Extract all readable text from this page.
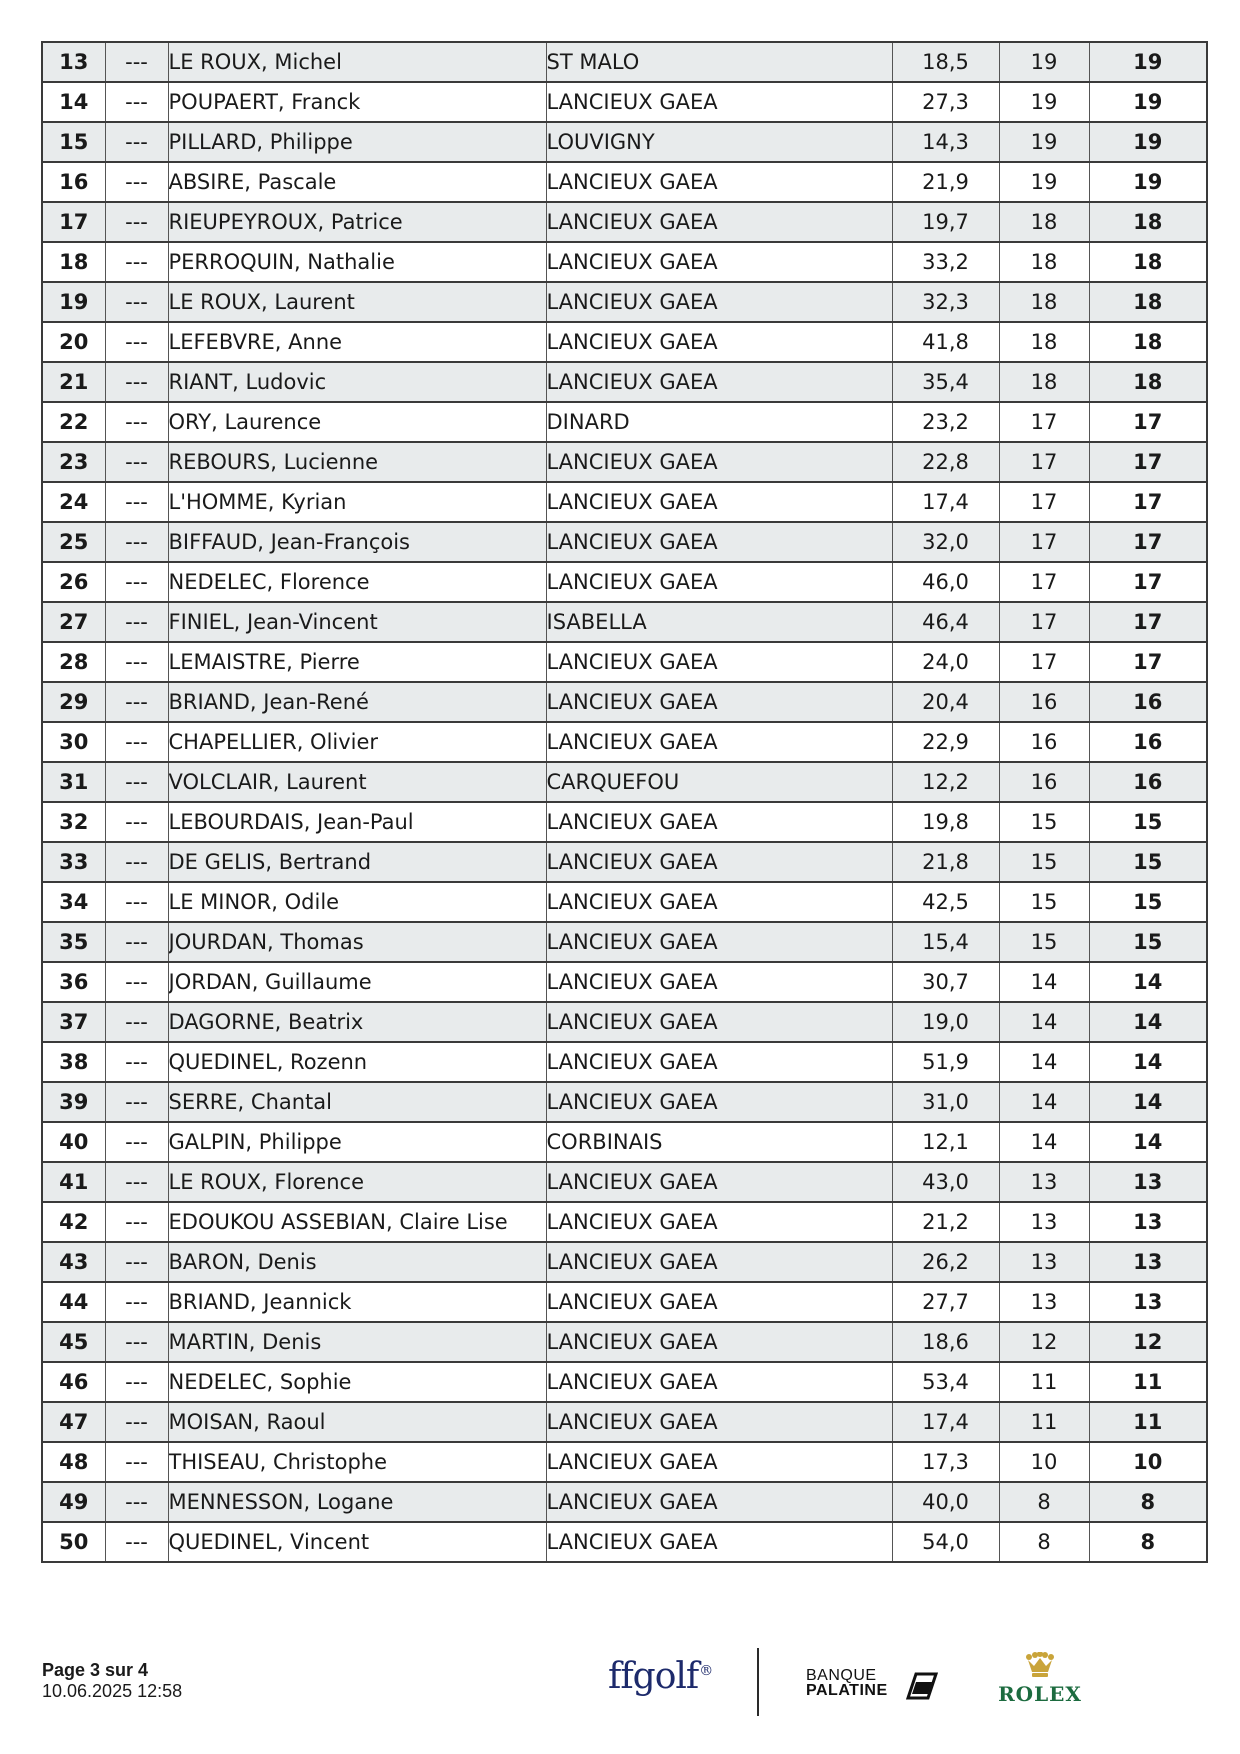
13	---	LE ROUX, Michel	ST MALO	18,5	19	19
14	---	POUPAERT, Franck	LANCIEUX GAEA	27,3	19	19
15	---	PILLARD, Philippe	LOUVIGNY	14,3	19	19
16	---	ABSIRE, Pascale	LANCIEUX GAEA	21,9	19	19
17	---	RIEUPEYROUX, Patrice	LANCIEUX GAEA	19,7	18	18
18	---	PERROQUIN, Nathalie	LANCIEUX GAEA	33,2	18	18
19	---	LE ROUX, Laurent	LANCIEUX GAEA	32,3	18	18
20	---	LEFEBVRE, Anne	LANCIEUX GAEA	41,8	18	18
21	---	RIANT, Ludovic	LANCIEUX GAEA	35,4	18	18
22	---	ORY, Laurence	DINARD	23,2	17	17
23	---	REBOURS, Lucienne	LANCIEUX GAEA	22,8	17	17
24	---	L'HOMME, Kyrian	LANCIEUX GAEA	17,4	17	17
25	---	BIFFAUD, Jean-François	LANCIEUX GAEA	32,0	17	17
26	---	NEDELEC, Florence	LANCIEUX GAEA	46,0	17	17
27	---	FINIEL, Jean-Vincent	ISABELLA	46,4	17	17
28	---	LEMAISTRE, Pierre	LANCIEUX GAEA	24,0	17	17
29	---	BRIAND, Jean-René	LANCIEUX GAEA	20,4	16	16
30	---	CHAPELLIER, Olivier	LANCIEUX GAEA	22,9	16	16
31	---	VOLCLAIR, Laurent	CARQUEFOU	12,2	16	16
32	---	LEBOURDAIS, Jean-Paul	LANCIEUX GAEA	19,8	15	15
33	---	DE GELIS, Bertrand	LANCIEUX GAEA	21,8	15	15
34	---	LE MINOR, Odile	LANCIEUX GAEA	42,5	15	15
35	---	JOURDAN, Thomas	LANCIEUX GAEA	15,4	15	15
36	---	JORDAN, Guillaume	LANCIEUX GAEA	30,7	14	14
37	---	DAGORNE, Beatrix	LANCIEUX GAEA	19,0	14	14
38	---	QUEDINEL, Rozenn	LANCIEUX GAEA	51,9	14	14
39	---	SERRE, Chantal	LANCIEUX GAEA	31,0	14	14
40	---	GALPIN, Philippe	CORBINAIS	12,1	14	14
41	---	LE ROUX, Florence	LANCIEUX GAEA	43,0	13	13
42	---	EDOUKOU ASSEBIAN, Claire Lise	LANCIEUX GAEA	21,2	13	13
43	---	BARON, Denis	LANCIEUX GAEA	26,2	13	13
44	---	BRIAND, Jeannick	LANCIEUX GAEA	27,7	13	13
45	---	MARTIN, Denis	LANCIEUX GAEA	18,6	12	12
46	---	NEDELEC, Sophie	LANCIEUX GAEA	53,4	11	11
47	---	MOISAN, Raoul	LANCIEUX GAEA	17,4	11	11
48	---	THISEAU, Christophe	LANCIEUX GAEA	17,3	10	10
49	---	MENNESSON, Logane	LANCIEUX GAEA	40,0	8	8
50	---	QUEDINEL, Vincent	LANCIEUX GAEA	54,0	8	8
Page 3 sur 4
10.06.2025 12:58	ffgolf®	BANQUE
PALATINE	ROLEX
